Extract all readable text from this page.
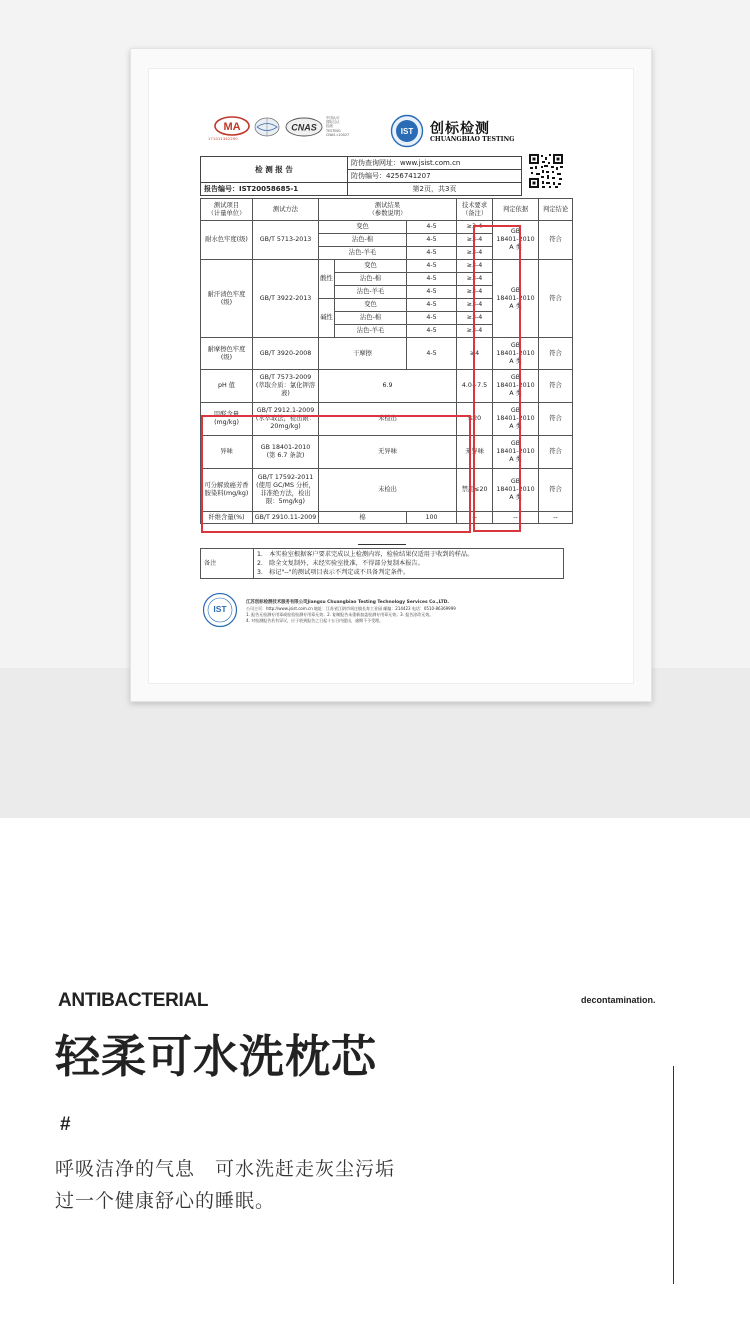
MA
171011342290
CNAS
中国认可
国际互认
检测
TESTING
CNAS L10027	IST 创标检测
CHUANGBIAO TESTING
检 测 报 告	防伪查询网址：www.jsist.com.cn
	防伪编号：4256741207
报告编号：IST20058685-1	第2页，共3页
测试项目
（计量单位）	测试方法	测试结果
（参数说明）			技术要求
（备注）	判定依据	判定结论
耐水色牢度(级)	GB/T 5713-2013	变色		4-5	≥3-4	GB
18401-2010
A 类	符合
		沾色-棉		4-5	≥3-4		
		沾色-羊毛		4-5	≥3-4		
耐汗渍色牢度
(级)	GB/T 3922-2013	酸性	变色	4-5	≥3-4	GB
18401-2010
A 类	符合
			沾色-棉	4-5	≥3-4		
			沾色-羊毛	4-5	≥3-4		
		碱性	变色	4-5	≥3-4		
			沾色-棉	4-5	≥3-4		
			沾色-羊毛	4-5	≥3-4		
耐摩擦色牢度
(级)	GB/T 3920-2008	干摩擦		4-5	≥4	GB
18401-2010
A 类	符合
pH 值	GB/T 7573-2009
(萃取介质：氯化钾溶液)	6.9			4.0~7.5	GB
18401-2010
A 类	符合
甲醛含量
(mg/kg)	GB/T 2912.1-2009
(水萃取法，检出限：
20mg/kg)	未检出			≤20	GB
18401-2010
A 类	符合
异味	GB 18401-2010
(第 6.7 条款)	无异味			无异味	GB
18401-2010
A 类	符合
可分解致癌芳香
胺染料(mg/kg)	GB/T 17592-2011
(使用 GC/MS 分析，
非准绝方法，检出
限：5mg/kg)	未检出			禁用≤20	GB
18401-2010
A 类	符合
纤维含量(%)	GB/T 2910.11-2009	棉		100	--	--	--
备注	
1.　本实验室根据客户要求完成以上检测内容，检验结果仅适用于收到的样品。
2.　除全文复制外，未经实验室批准，不得部分复制本报告。
3.　标记"--"的测试项目表示不判定或不具备判定条件。
IST
江苏创标检测技术服务有限公司Jiangsu Chuangbiao Testing Technology Services Co.,LTD.
公司主页：http://www.jsist.com.cn 地址：江苏省江阴市周庄镇长寿工业园 邮编：214423 电话：0510-86369999
1. 报告无检测专用章或检验检测专用章无效；2. 复制报告未重新加盖检测专用章无效；3. 报告涂改无效。
4. 对检测报告若有异议，应于收到报告之日起十五日内提出，逾期不予受理。
ANTIBACTERIAL	decontamination.
轻柔可水洗枕芯
#
呼吸洁净的气息　可水洗赶走灰尘污垢
过一个健康舒心的睡眠。
